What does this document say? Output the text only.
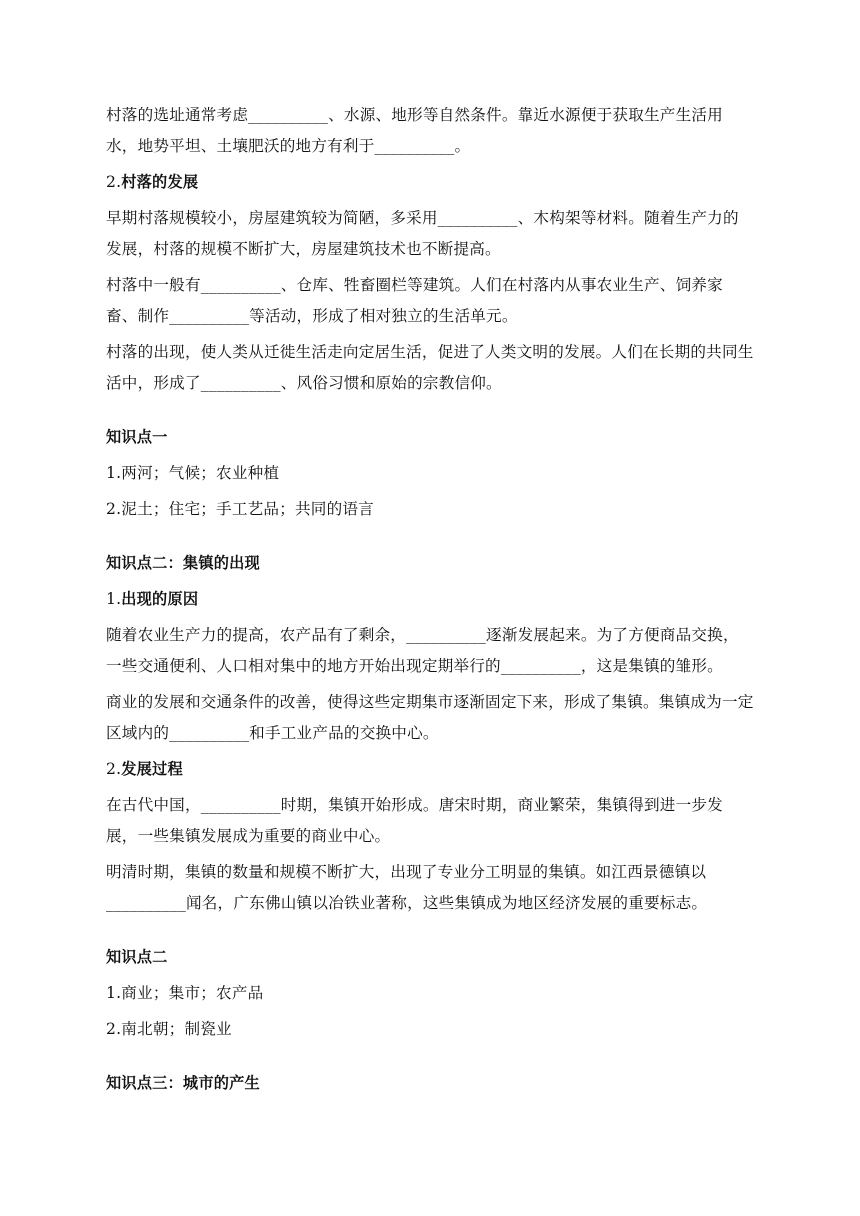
村落的选址通常考虑__________、水源、地形等自然条件。靠近水源便于获取生产生活用水，地势平坦、土壤肥沃的地方有利于__________。

2.村落的发展

早期村落规模较小，房屋建筑较为简陋，多采用__________、木构架等材料。随着生产力的发展，村落的规模不断扩大，房屋建筑技术也不断提高。

村落中一般有__________、仓库、牲畜圈栏等建筑。人们在村落内从事农业生产、饲养家畜、制作__________等活动，形成了相对独立的生活单元。

村落的出现，使人类从迁徙生活走向定居生活，促进了人类文明的发展。人们在长期的共同生活中，形成了__________、风俗习惯和原始的宗教信仰。

知识点一

1.两河；气候；农业种植

2.泥土；住宅；手工艺品；共同的语言

知识点二：集镇的出现

1.出现的原因

随着农业生产力的提高，农产品有了剩余，__________逐渐发展起来。为了方便商品交换，一些交通便利、人口相对集中的地方开始出现定期举行的__________，这是集镇的雏形。

商业的发展和交通条件的改善，使得这些定期集市逐渐固定下来，形成了集镇。集镇成为一定区域内的__________和手工业产品的交换中心。

2.发展过程

在古代中国，__________时期，集镇开始形成。唐宋时期，商业繁荣，集镇得到进一步发展，一些集镇发展成为重要的商业中心。

明清时期，集镇的数量和规模不断扩大，出现了专业分工明显的集镇。如江西景德镇以__________闻名，广东佛山镇以冶铁业著称，这些集镇成为地区经济发展的重要标志。

知识点二

1.商业；集市；农产品

2.南北朝；制瓷业

知识点三：城市的产生
